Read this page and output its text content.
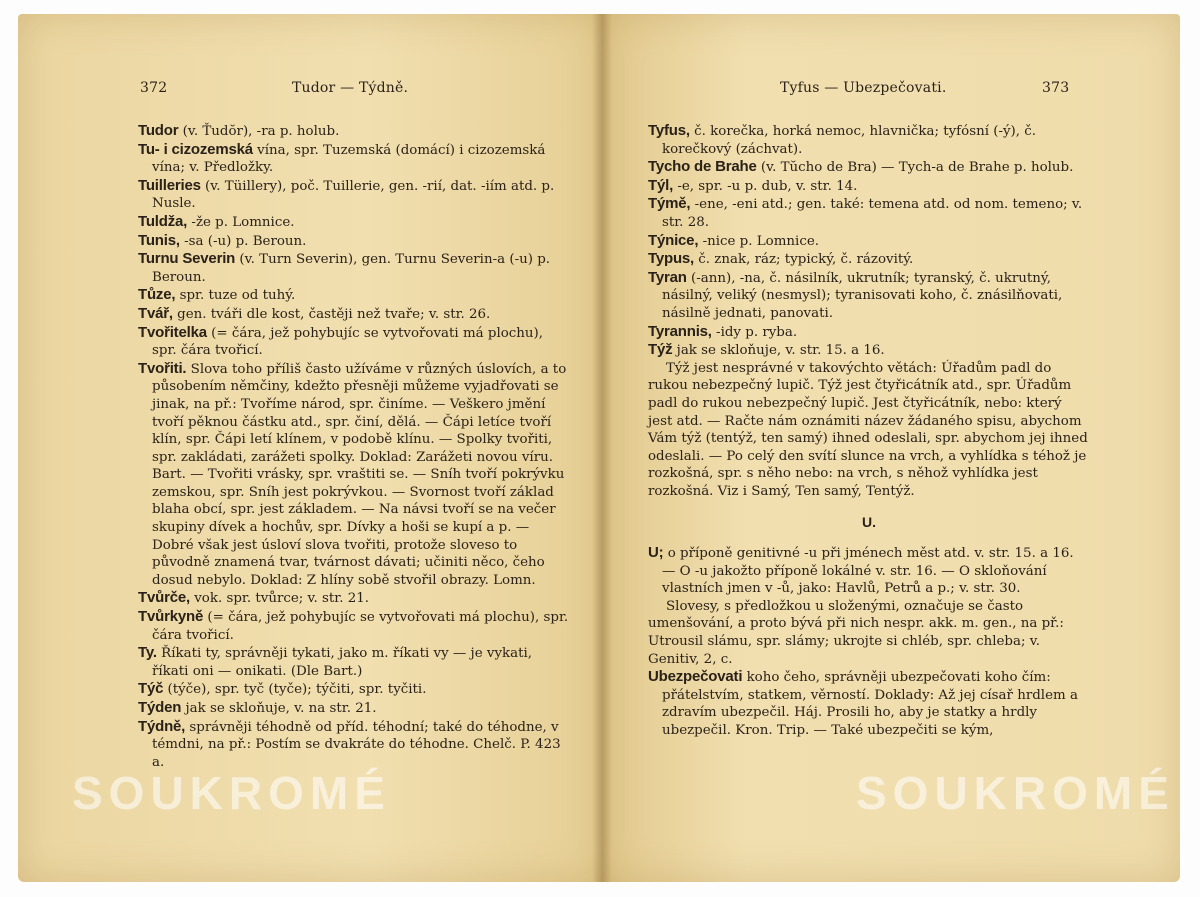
372	Tudor — Týdně.

Tudor (v. Ťudŏr), -ra p. holub.

Tu- i cizozemská vína, spr. Tuzemská (domácí) i cizozemská vína; v. Předložky.

Tuilleries (v. Tüillery), poč. Tuillerie, gen. -rií, dat. -iím atd. p. Nusle.

Tuldža, -že p. Lomnice.

Tunis, -sa (-u) p. Beroun.

Turnu Severin (v. Turn Severin), gen. Turnu Severin-a (-u) p. Beroun.

Tůze, spr. tuze od tuhý.

Tvář, gen. tváři dle kost, častěji než tvaře; v. str. 26.

Tvořitelka (= čára, jež pohybujíc se vytvořovati má plochu), spr. čára tvořicí.

Tvořiti. Slova toho příliš často užíváme v různých úslovích, a to působením němčiny, kdežto přesněji můžeme vyjadřovati se jinak, na př.: Tvoříme národ, spr. činíme. — Veškero jmění tvoří pěknou částku atd., spr. činí, dělá. — Čápi letíce tvoří klín, spr. Čápi letí klínem, v podobě klínu. — Spolky tvořiti, spr. zakládati, zarážeti spolky. Doklad: Zarážeti novou víru. Bart. — Tvořiti vrásky, spr. vraštiti se. — Sníh tvoří pokrývku zemskou, spr. Sníh jest pokrývkou. — Svornost tvoří základ blaha obcí, spr. jest základem. — Na návsi tvoří se na večer skupiny dívek a hochův, spr. Dívky a hoši se kupí a p. — Dobré však jest úsloví slova tvořiti, protože sloveso to původně znamená tvar, tvárnost dávati; učiniti něco, čeho dosud nebylo. Doklad: Z hlíny sobě stvořil obrazy. Lomn.

Tvůrče, vok. spr. tvůrce; v. str. 21.

Tvůrkyně (= čára, jež pohybujíc se vytvořovati má plochu), spr. čára tvořicí.

Ty. Říkati ty, správněji tykati, jako m. říkati vy — je vykati, říkati oni — onikati. (Dle Bart.)

Týč (týče), spr. tyč (tyče); týčiti, spr. tyčiti.

Týden jak se skloňuje, v. na str. 21.

Týdně, správněji téhodně od příd. téhodní; také do téhodne, v témdni, na př.: Postím se dvakráte do téhodne. Chelč. P. 423 a.

SOUKROMÉ
Tyfus — Ubezpečovati.	373

Tyfus, č. korečka, horká nemoc, hlavnička; tyfósní (-ý), č. korečkový (záchvat).

Tycho de Brahe (v. Tŭcho de Bra) — Tych-a de Brahe p. holub.

Týl, -e, spr. -u p. dub, v. str. 14.

Týmě, -ene, -eni atd.; gen. také: temena atd. od nom. temeno; v. str. 28.

Týnice, -nice p. Lomnice.

Typus, č. znak, ráz; typický, č. rázovitý.

Tyran (-ann), -na, č. násilník, ukrutník; tyranský, č. ukrutný, násilný, veliký (nesmysl); tyranisovati koho, č. znásilňovati, násilně jednati, panovati.

Tyrannis, -idy p. ryba.

Týž jak se skloňuje, v. str. 15. a 16.

Týž jest nesprávné v takovýchto větách: Úřadům padl do rukou nebezpečný lupič. Týž jest čtyřicátník atd., spr. Úřadům padl do rukou nebezpečný lupič. Jest čtyřicátník, nebo: který jest atd. — Račte nám oznámiti název žádaného spisu, abychom Vám týž (tentýž, ten samý) ihned odeslali, spr. abychom jej ihned odeslali. — Po celý den svítí slunce na vrch, a vyhlídka s téhož je rozkošná, spr. s něho nebo: na vrch, s něhož vyhlídka jest rozkošná. Viz i Samý, Ten samý, Tentýž.

U.

U; o příponě genitivné -u při jménech měst atd. v. str. 15. a 16. — O -u jakožto příponě lokálné v. str. 16. — O skloňování vlastních jmen v -ů, jako: Havlů, Petrů a p.; v. str. 30.

Slovesy, s předložkou u složenými, označuje se často umenšování, a proto bývá při nich nespr. akk. m. gen., na př.: Utrousil slámu, spr. slámy; ukrojte si chléb, spr. chleba; v. Genitiv, 2, c.

Ubezpečovati koho čeho, správněji ubezpečovati koho čím: přátelstvím, statkem, věrností. Doklady: Až jej císař hrdlem a zdravím ubezpečil. Háj. Prosili ho, aby je statky a hrdly ubezpečil. Kron. Trip. — Také ubezpečiti se kým,

SOUKROMÉ
